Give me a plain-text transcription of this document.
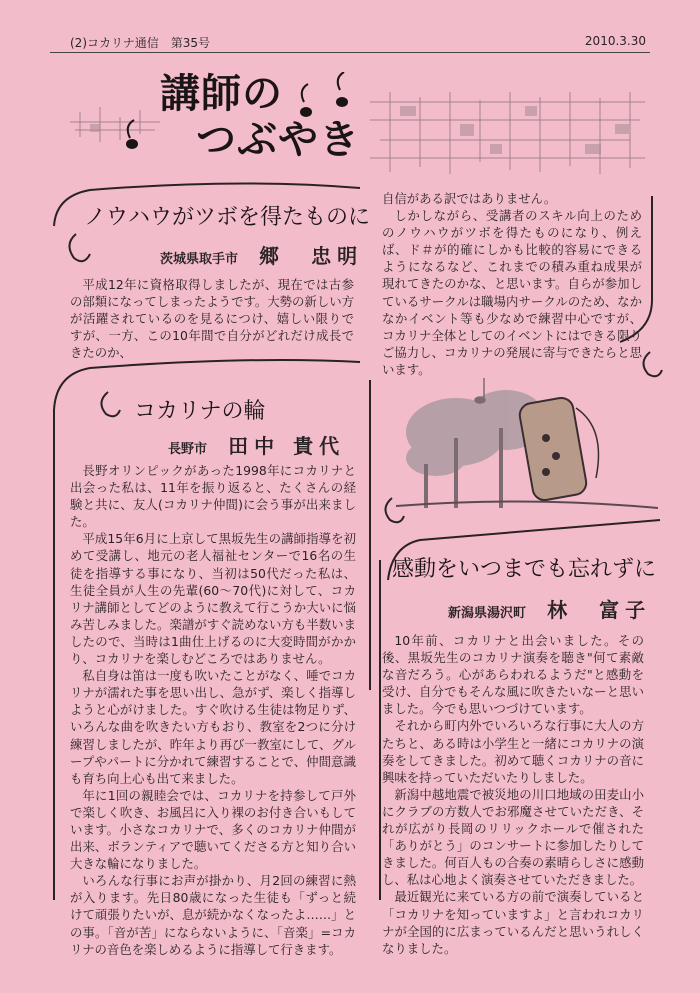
(2)コカリナ通信　第35号	2010.3.30
講師の
つぶやき
ノウハウがツボを得たものに
茨城県取手市 郷　忠明

平成12年に資格取得しましたが、現在では古参の部類になってしまったようです。大勢の新しい方が活躍されているのを見るにつけ、嬉しい限りですが、一方、この10年間で自分がどれだけ成長できたのか、

自信がある訳ではありません。

しかしながら、受講者のスキル向上のためのノウハウがツボを得たものになり、例えば、ド＃が的確にしかも比較的容易にできるようになるなど、これまでの積み重ね成果が現れてきたのかな、と思います。自らが参加しているサークルは職場内サークルのため、なかなかイベント等も少なめで練習中心ですが、コカリナ全体としてのイベントにはできる限りご協力し、コカリナの発展に寄与できたらと思います。

コカリナの輪
長野市 田中 貴代

長野オリンピックがあった1998年にコカリナと出会った私は、11年を振り返ると、たくさんの経験と共に、友人(コカリナ仲間)に会う事が出来ました。

平成15年6月に上京して黒坂先生の講師指導を初めて受講し、地元の老人福祉センターで16名の生徒を指導する事になり、当初は50代だった私は、生徒全員が人生の先輩(60〜70代)に対して、コカリナ講師としてどのように教えて行こうか大いに悩み苦しみました。楽譜がすぐ読めない方も半数いましたので、当時は1曲仕上げるのに大変時間がかかり、コカリナを楽しむどころではありません。

私自身は笛は一度も吹いたことがなく、唾でコカリナが濡れた事を思い出し、急がず、楽しく指導しようと心がけました。すぐ吹ける生徒は物足りず、いろんな曲を吹きたい方もおり、教室を2つに分け練習しましたが、昨年より再び一教室にして、グループやパートに分かれて練習することで、仲間意識も育ち向上心も出て来ました。

年に1回の親睦会では、コカリナを持参して戸外で楽しく吹き、お風呂に入り裸のお付き合いもしています。小さなコカリナで、多くのコカリナ仲間が出来、ボランティアで聴いてくださる方と知り合い大きな輪になりました。

いろんな行事にお声が掛かり、月2回の練習に熱が入ります。先日80歳になった生徒も「ずっと続けて頑張りたいが、息が続かなくなったよ……」との事。「音が苦」にならないように、「音楽」=コカリナの音色を楽しめるように指導して行きます。

感動をいつまでも忘れずに
新潟県湯沢町 林　富子

10年前、コカリナと出会いました。その後、黒坂先生のコカリナ演奏を聴き"何て素敵な音だろう。心があらわれるようだ"と感動を受け、自分でもそんな風に吹きたいなーと思いました。今でも思いつづけています。

それから町内外でいろいろな行事に大人の方たちと、ある時は小学生と一緒にコカリナの演奏をしてきました。初めて聴くコカリナの音に興味を持っていただいたりしました。

新潟中越地震で被災地の川口地域の田麦山小にクラブの方数人でお邪魔させていただき、それが広がり長岡のリリックホールで催された「ありがとう」のコンサートに参加したりしてきました。何百人もの合奏の素晴らしさに感動し、私は心地よく演奏させていただきました。

最近観光に来ている方の前で演奏していると「コカリナを知っていますよ」と言われコカリナが全国的に広まっているんだと思いうれしくなりました。
